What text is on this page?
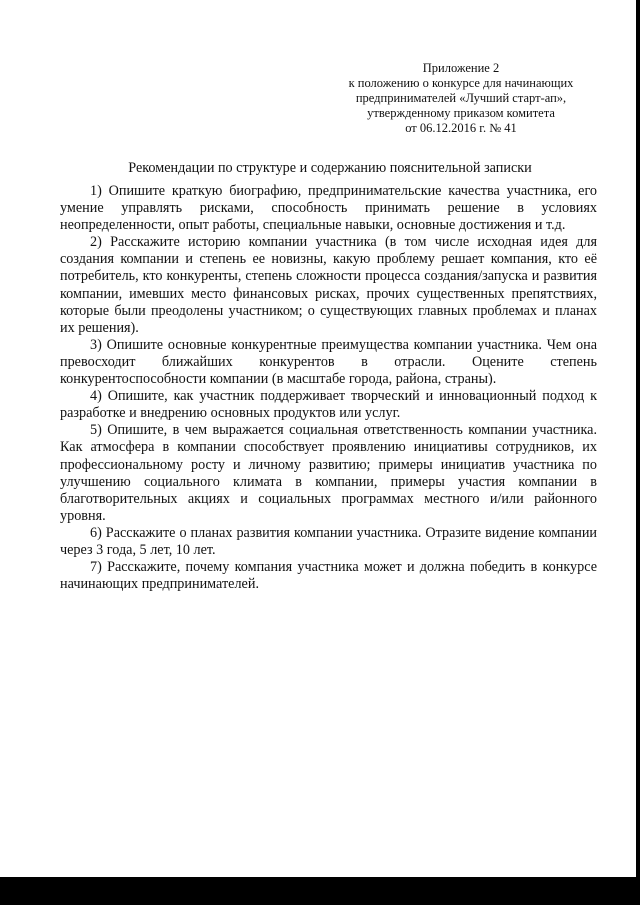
Приложение 2
к положению о конкурсе для начинающих
предпринимателей «Лучший старт-ап»,
утвержденному приказом комитета
от 06.12.2016 г. № 41
Рекомендации по структуре и содержанию пояснительной записки

1) Опишите краткую биографию, предпринимательские качества участника, его умение управлять рисками, способность принимать решение в условиях неопределенности, опыт работы, специальные навыки, основные достижения и т.д.

2) Расскажите историю компании участника (в том числе исходная идея для создания компании и степень ее новизны, какую проблему решает компания, кто её потребитель, кто конкуренты, степень сложности процесса создания/запуска и развития компании, имевших место финансовых рисках, прочих существенных препятствиях, которые были преодолены участником; о существующих главных проблемах и планах их решения).

3) Опишите основные конкурентные преимущества компании участника. Чем она превосходит ближайших конкурентов в отрасли. Оцените степень конкурентоспособности компании (в масштабе города, района, страны).

4) Опишите, как участник поддерживает творческий и инновационный подход к разработке и внедрению основных продуктов или услуг.

5) Опишите, в чем выражается социальная ответственность компании участника. Как атмосфера в компании способствует проявлению инициативы сотрудников, их профессиональному росту и личному развитию; примеры инициатив участника по улучшению социального климата в компании, примеры участия компании в благотворительных акциях и социальных программах местного и/или районного уровня.

6) Расскажите о планах развития компании участника. Отразите видение компании через 3 года, 5 лет, 10 лет.

7) Расскажите, почему компания участника может и должна победить в конкурсе начинающих предпринимателей.
